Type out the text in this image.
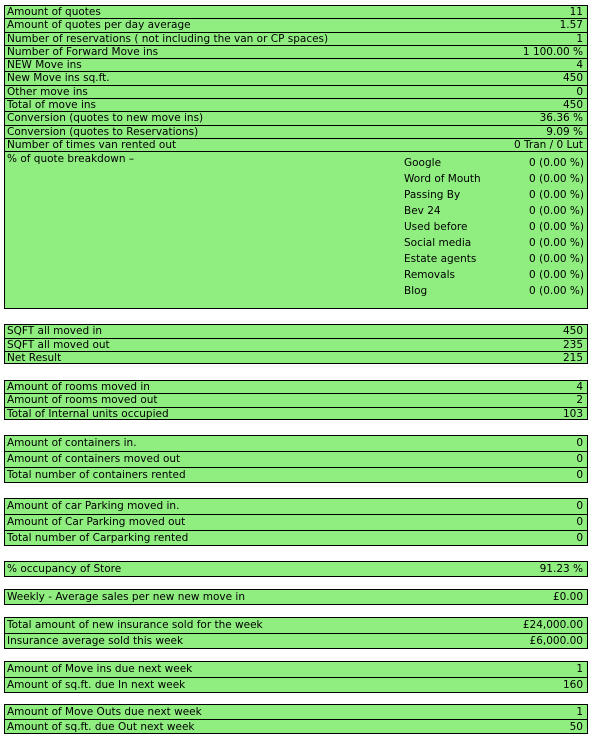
Amount of quotes	11
Amount of quotes per day average	1.57
Number of reservations ( not including the van or CP spaces)	1
Number of Forward Move ins	1 100.00 %
NEW Move ins	4
New Move ins sq.ft.	450
Other move ins	0
Total of move ins	450
Conversion (quotes to new move ins)	36.36 %
Conversion (quotes to Reservations)	9.09 %
Number of times van rented out	0 Tran / 0 Lut
% of quote breakdown –	Google	0 (0.00 %)
Word of Mouth	0 (0.00 %)
Passing By	0 (0.00 %)
Bev 24	0 (0.00 %)
Used before	0 (0.00 %)
Social media	0 (0.00 %)
Estate agents	0 (0.00 %)
Removals	0 (0.00 %)
Blog	0 (0.00 %)
SQFT all moved in	450
SQFT all moved out	235
Net Result	215
Amount of rooms moved in	4
Amount of rooms moved out	2
Total of Internal units occupied	103
Amount of containers in.	0
Amount of containers moved out	0
Total number of containers rented	0
Amount of car Parking moved in.	0
Amount of Car Parking moved out	0
Total number of Carparking rented	0
% occupancy of Store	91.23 %
Weekly - Average sales per new new move in	£0.00
Total amount of new insurance sold for the week	£24,000.00
Insurance average sold this week	£6,000.00
Amount of Move ins due next week	1
Amount of sq.ft. due In next week	160
Amount of Move Outs due next week	1
Amount of sq.ft. due Out next week	50
